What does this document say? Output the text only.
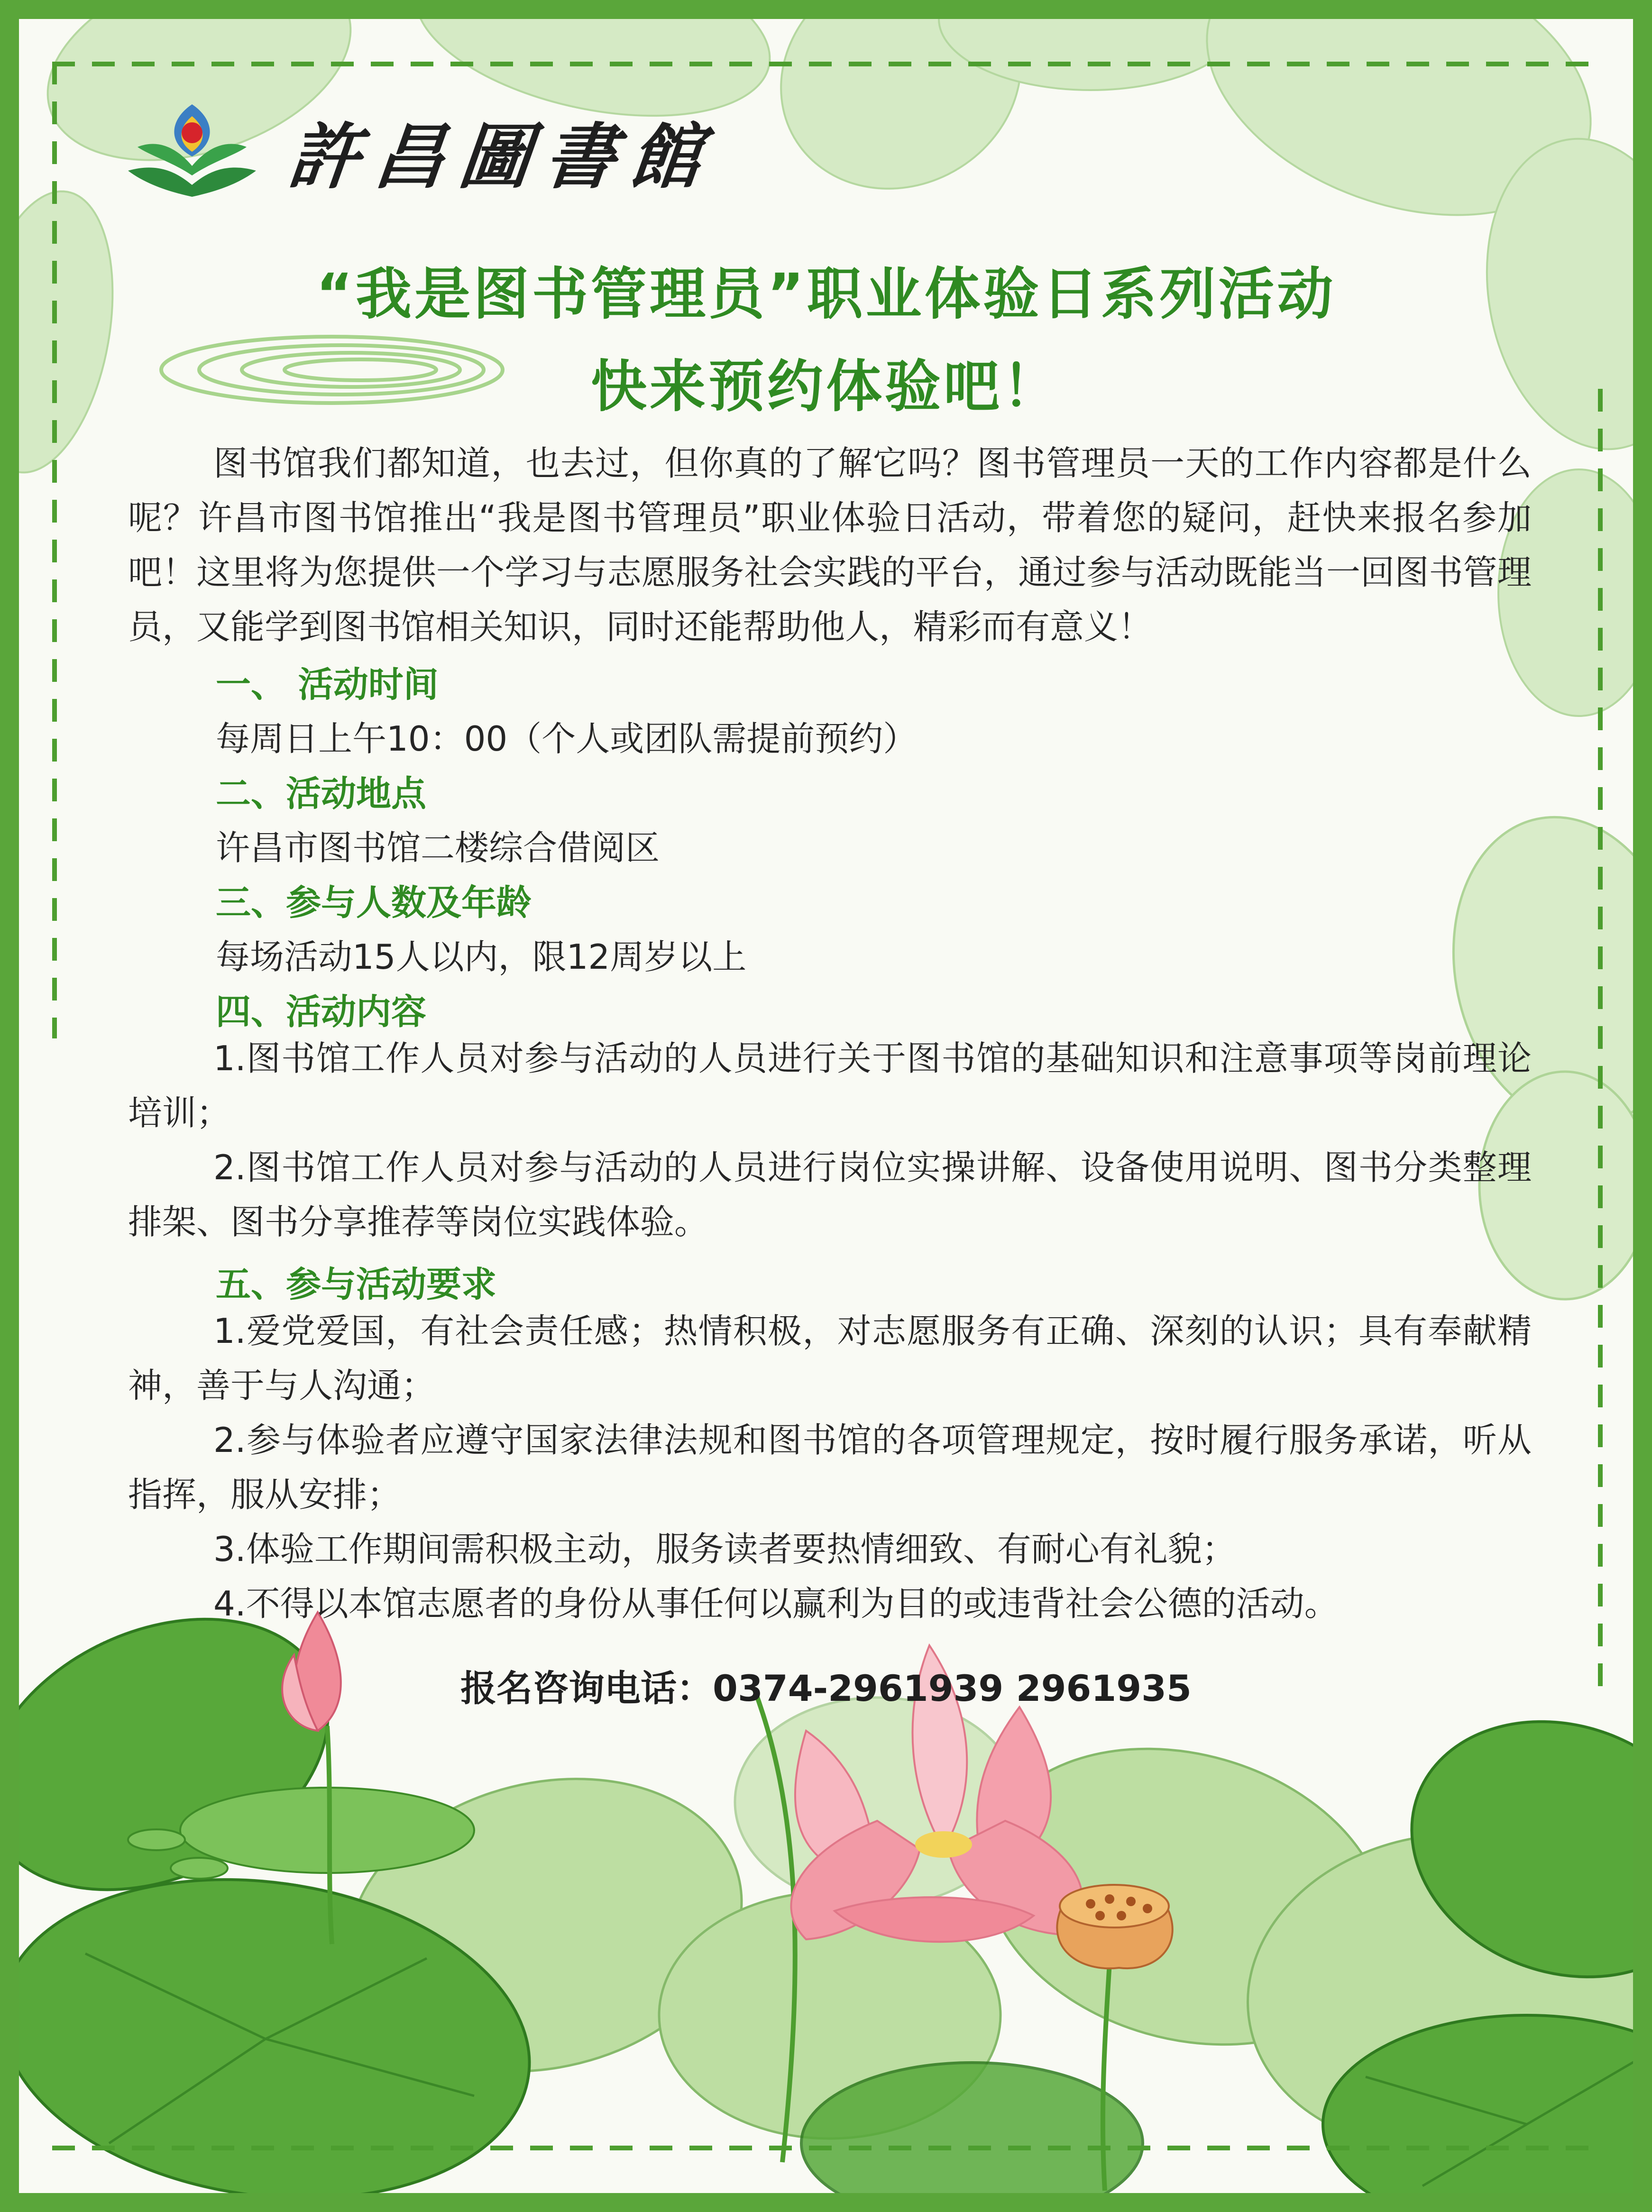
許昌圖書館
“我是图书管理员”职业体验日系列活动
快来预约体验吧！
图书馆我们都知道，也去过，但你真的了解它吗？图书管理员一天的工作内容都是什么呢？许昌市图书馆推出“我是图书管理员”职业体验日活动，带着您的疑问，赶快来报名参加吧！这里将为您提供一个学习与志愿服务社会实践的平台，通过参与活动既能当一回图书管理员，又能学到图书馆相关知识，同时还能帮助他人，精彩而有意义！
一、 活动时间
每周日上午10：00（个人或团队需提前预约）
二、活动地点
许昌市图书馆二楼综合借阅区
三、参与人数及年龄
每场活动15人以内，限12周岁以上
四、活动内容
1.图书馆工作人员对参与活动的人员进行关于图书馆的基础知识和注意事项等岗前理论培训；
2.图书馆工作人员对参与活动的人员进行岗位实操讲解、设备使用说明、图书分类整理排架、图书分享推荐等岗位实践体验。
五、参与活动要求
1.爱党爱国，有社会责任感；热情积极，对志愿服务有正确、深刻的认识；具有奉献精神，善于与人沟通；
2.参与体验者应遵守国家法律法规和图书馆的各项管理规定，按时履行服务承诺，听从指挥，服从安排；
3.体验工作期间需积极主动，服务读者要热情细致、有耐心有礼貌；
4.不得以本馆志愿者的身份从事任何以赢利为目的或违背社会公德的活动。
报名咨询电话：0374-2961939 2961935
